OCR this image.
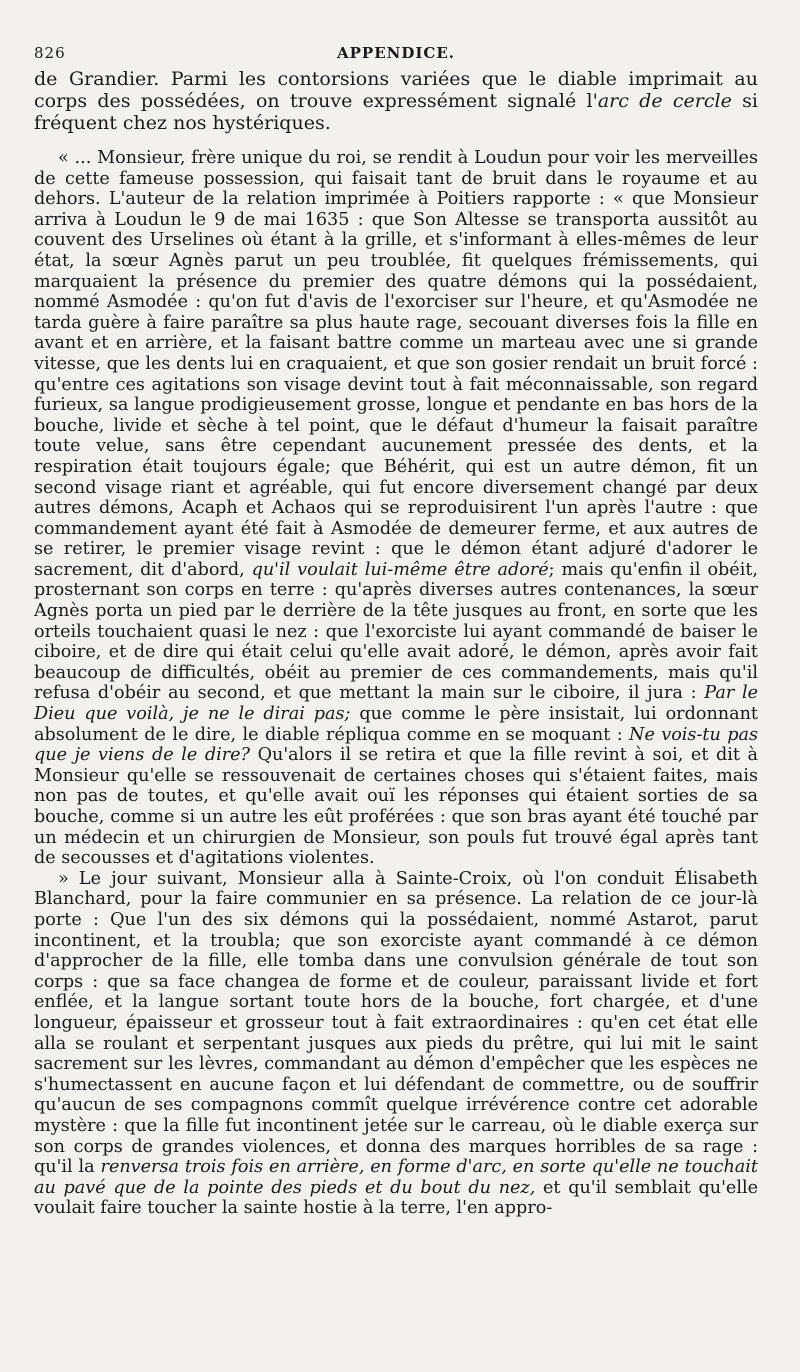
826	APPENDICE.

de Grandier. Parmi les contorsions variées que le diable imprimait au corps des possédées, on trouve expressément signalé l'arc de cercle si fréquent chez nos hystériques.

« ... Monsieur, frère unique du roi, se rendit à Loudun pour voir les merveilles de cette fameuse possession, qui faisait tant de bruit dans le royaume et au dehors. L'auteur de la relation imprimée à Poitiers rapporte : « que Monsieur arriva à Loudun le 9 de mai 1635 : que Son Altesse se transporta aussitôt au couvent des Urselines où étant à la grille, et s'informant à elles-mêmes de leur état, la sœur Agnès parut un peu troublée, fit quelques frémissements, qui marquaient la présence du premier des quatre démons qui la possédaient, nommé Asmodée : qu'on fut d'avis de l'exorciser sur l'heure, et qu'Asmodée ne tarda guère à faire paraître sa plus haute rage, secouant diverses fois la fille en avant et en arrière, et la faisant battre comme un marteau avec une si grande vitesse, que les dents lui en craquaient, et que son gosier rendait un bruit forcé : qu'entre ces agitations son visage devint tout à fait méconnaissable, son regard furieux, sa langue prodigieusement grosse, longue et pendante en bas hors de la bouche, livide et sèche à tel point, que le défaut d'humeur la faisait paraître toute velue, sans être cependant aucunement pressée des dents, et la respiration était toujours égale; que Béhérit, qui est un autre démon, fit un second visage riant et agréable, qui fut encore diversement changé par deux autres démons, Acaph et Achaos qui se reproduisirent l'un après l'autre : que commandement ayant été fait à Asmodée de demeurer ferme, et aux autres de se retirer, le premier visage revint : que le démon étant adjuré d'adorer le sacrement, dit d'abord, qu'il voulait lui-même être adoré; mais qu'enfin il obéit, prosternant son corps en terre : qu'après diverses autres contenances, la sœur Agnès porta un pied par le derrière de la tête jusques au front, en sorte que les orteils touchaient quasi le nez : que l'exorciste lui ayant commandé de baiser le ciboire, et de dire qui était celui qu'elle avait adoré, le démon, après avoir fait beaucoup de difficultés, obéit au premier de ces commandements, mais qu'il refusa d'obéir au second, et que mettant la main sur le ciboire, il jura : Par le Dieu que voilà, je ne le dirai pas; que comme le père insistait, lui ordonnant absolument de le dire, le diable répliqua comme en se moquant : Ne vois-tu pas que je viens de le dire? Qu'alors il se retira et que la fille revint à soi, et dit à Monsieur qu'elle se ressouvenait de certaines choses qui s'étaient faites, mais non pas de toutes, et qu'elle avait ouï les réponses qui étaient sorties de sa bouche, comme si un autre les eût proférées : que son bras ayant été touché par un médecin et un chirurgien de Monsieur, son pouls fut trouvé égal après tant de secousses et d'agitations violentes.

» Le jour suivant, Monsieur alla à Sainte-Croix, où l'on conduit Élisabeth Blanchard, pour la faire communier en sa présence. La relation de ce jour-là porte : Que l'un des six démons qui la possédaient, nommé Astarot, parut incontinent, et la troubla; que son exorciste ayant commandé à ce démon d'approcher de la fille, elle tomba dans une convulsion générale de tout son corps : que sa face changea de forme et de couleur, paraissant livide et fort enflée, et la langue sortant toute hors de la bouche, fort chargée, et d'une longueur, épaisseur et grosseur tout à fait extraordinaires : qu'en cet état elle alla se roulant et serpentant jusques aux pieds du prêtre, qui lui mit le saint sacrement sur les lèvres, commandant au démon d'empêcher que les espèces ne s'humectassent en aucune façon et lui défendant de commettre, ou de souffrir qu'aucun de ses compagnons commît quelque irrévérence contre cet adorable mystère : que la fille fut incontinent jetée sur le carreau, où le diable exerça sur son corps de grandes violences, et donna des marques horribles de sa rage : qu'il la renversa trois fois en arrière, en forme d'arc, en sorte qu'elle ne touchait au pavé que de la pointe des pieds et du bout du nez, et qu'il semblait qu'elle voulait faire toucher la sainte hostie à la terre, l'en appro-
